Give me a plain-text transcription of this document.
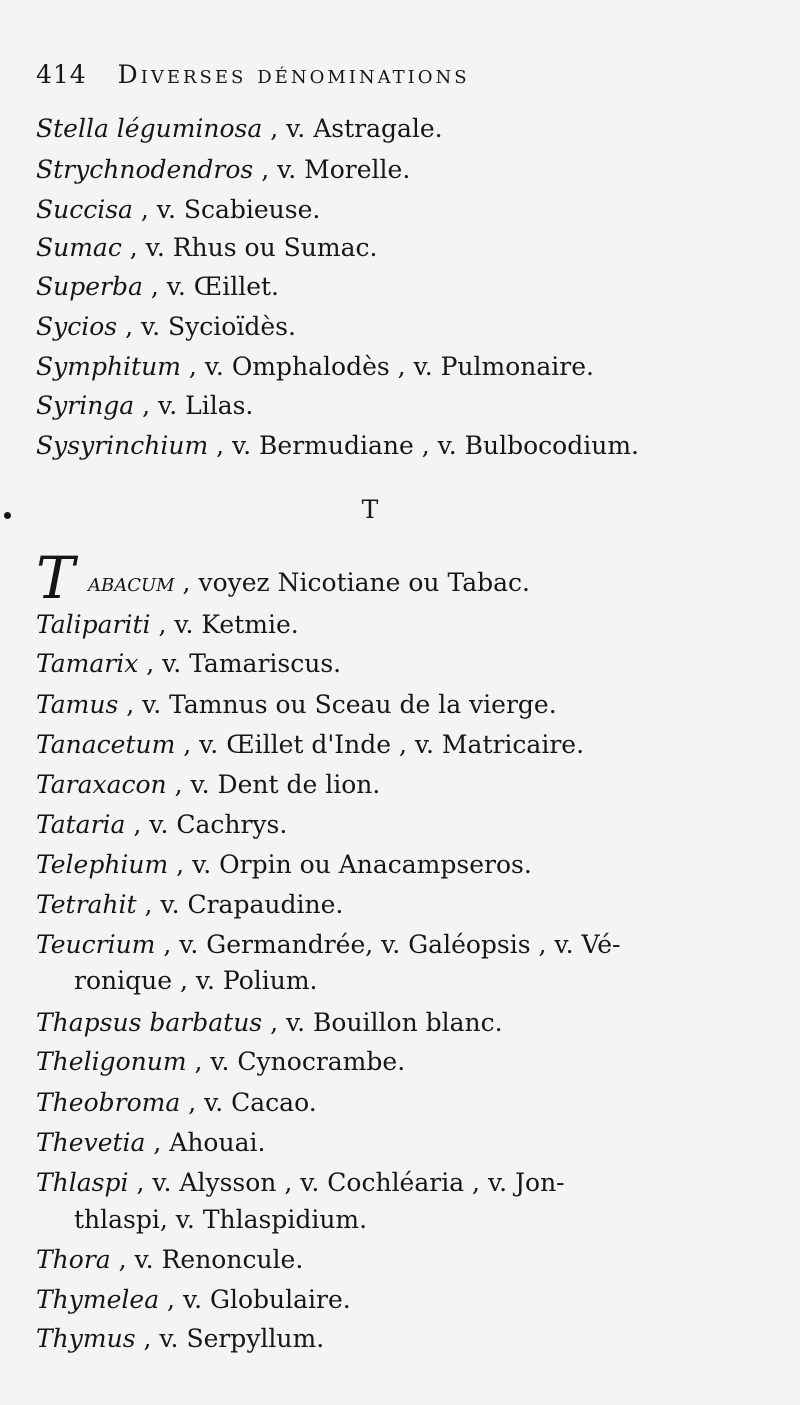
414 Diverses dénominations
Stella léguminosa , v. Astragale.
Strychnodendros , v. Morelle.
Succisa , v. Scabieuse.
Sumac , v. Rhus ou Sumac.
Superba , v. Œillet.
Sycios , v. Sycioïdès.
Symphitum , v. Omphalodès , v. Pulmonaire.
Syringa , v. Lilas.
Sysyrinchium , v. Bermudiane , v. Bulbocodium.
T
T abacum , voyez Nicotiane ou Tabac.
Talipariti , v. Ketmie.
Tamarix , v. Tamariscus.
Tamus , v. Tamnus ou Sceau de la vierge.
Tanacetum , v. Œillet d'Inde , v. Matricaire.
Taraxacon , v. Dent de lion.
Tataria , v. Cachrys.
Telephium , v. Orpin ou Anacampseros.
Tetrahit , v. Crapaudine.
Teucrium , v. Germandrée, v. Galéopsis , v. Vé-
ronique , v. Polium.
Thapsus barbatus , v. Bouillon blanc.
Theligonum , v. Cynocrambe.
Theobroma , v. Cacao.
Thevetia , Ahouai.
Thlaspi , v. Alysson , v. Cochléaria , v. Jon-
thlaspi, v. Thlaspidium.
Thora , v. Renoncule.
Thymelea , v. Globulaire.
Thymus , v. Serpyllum.
